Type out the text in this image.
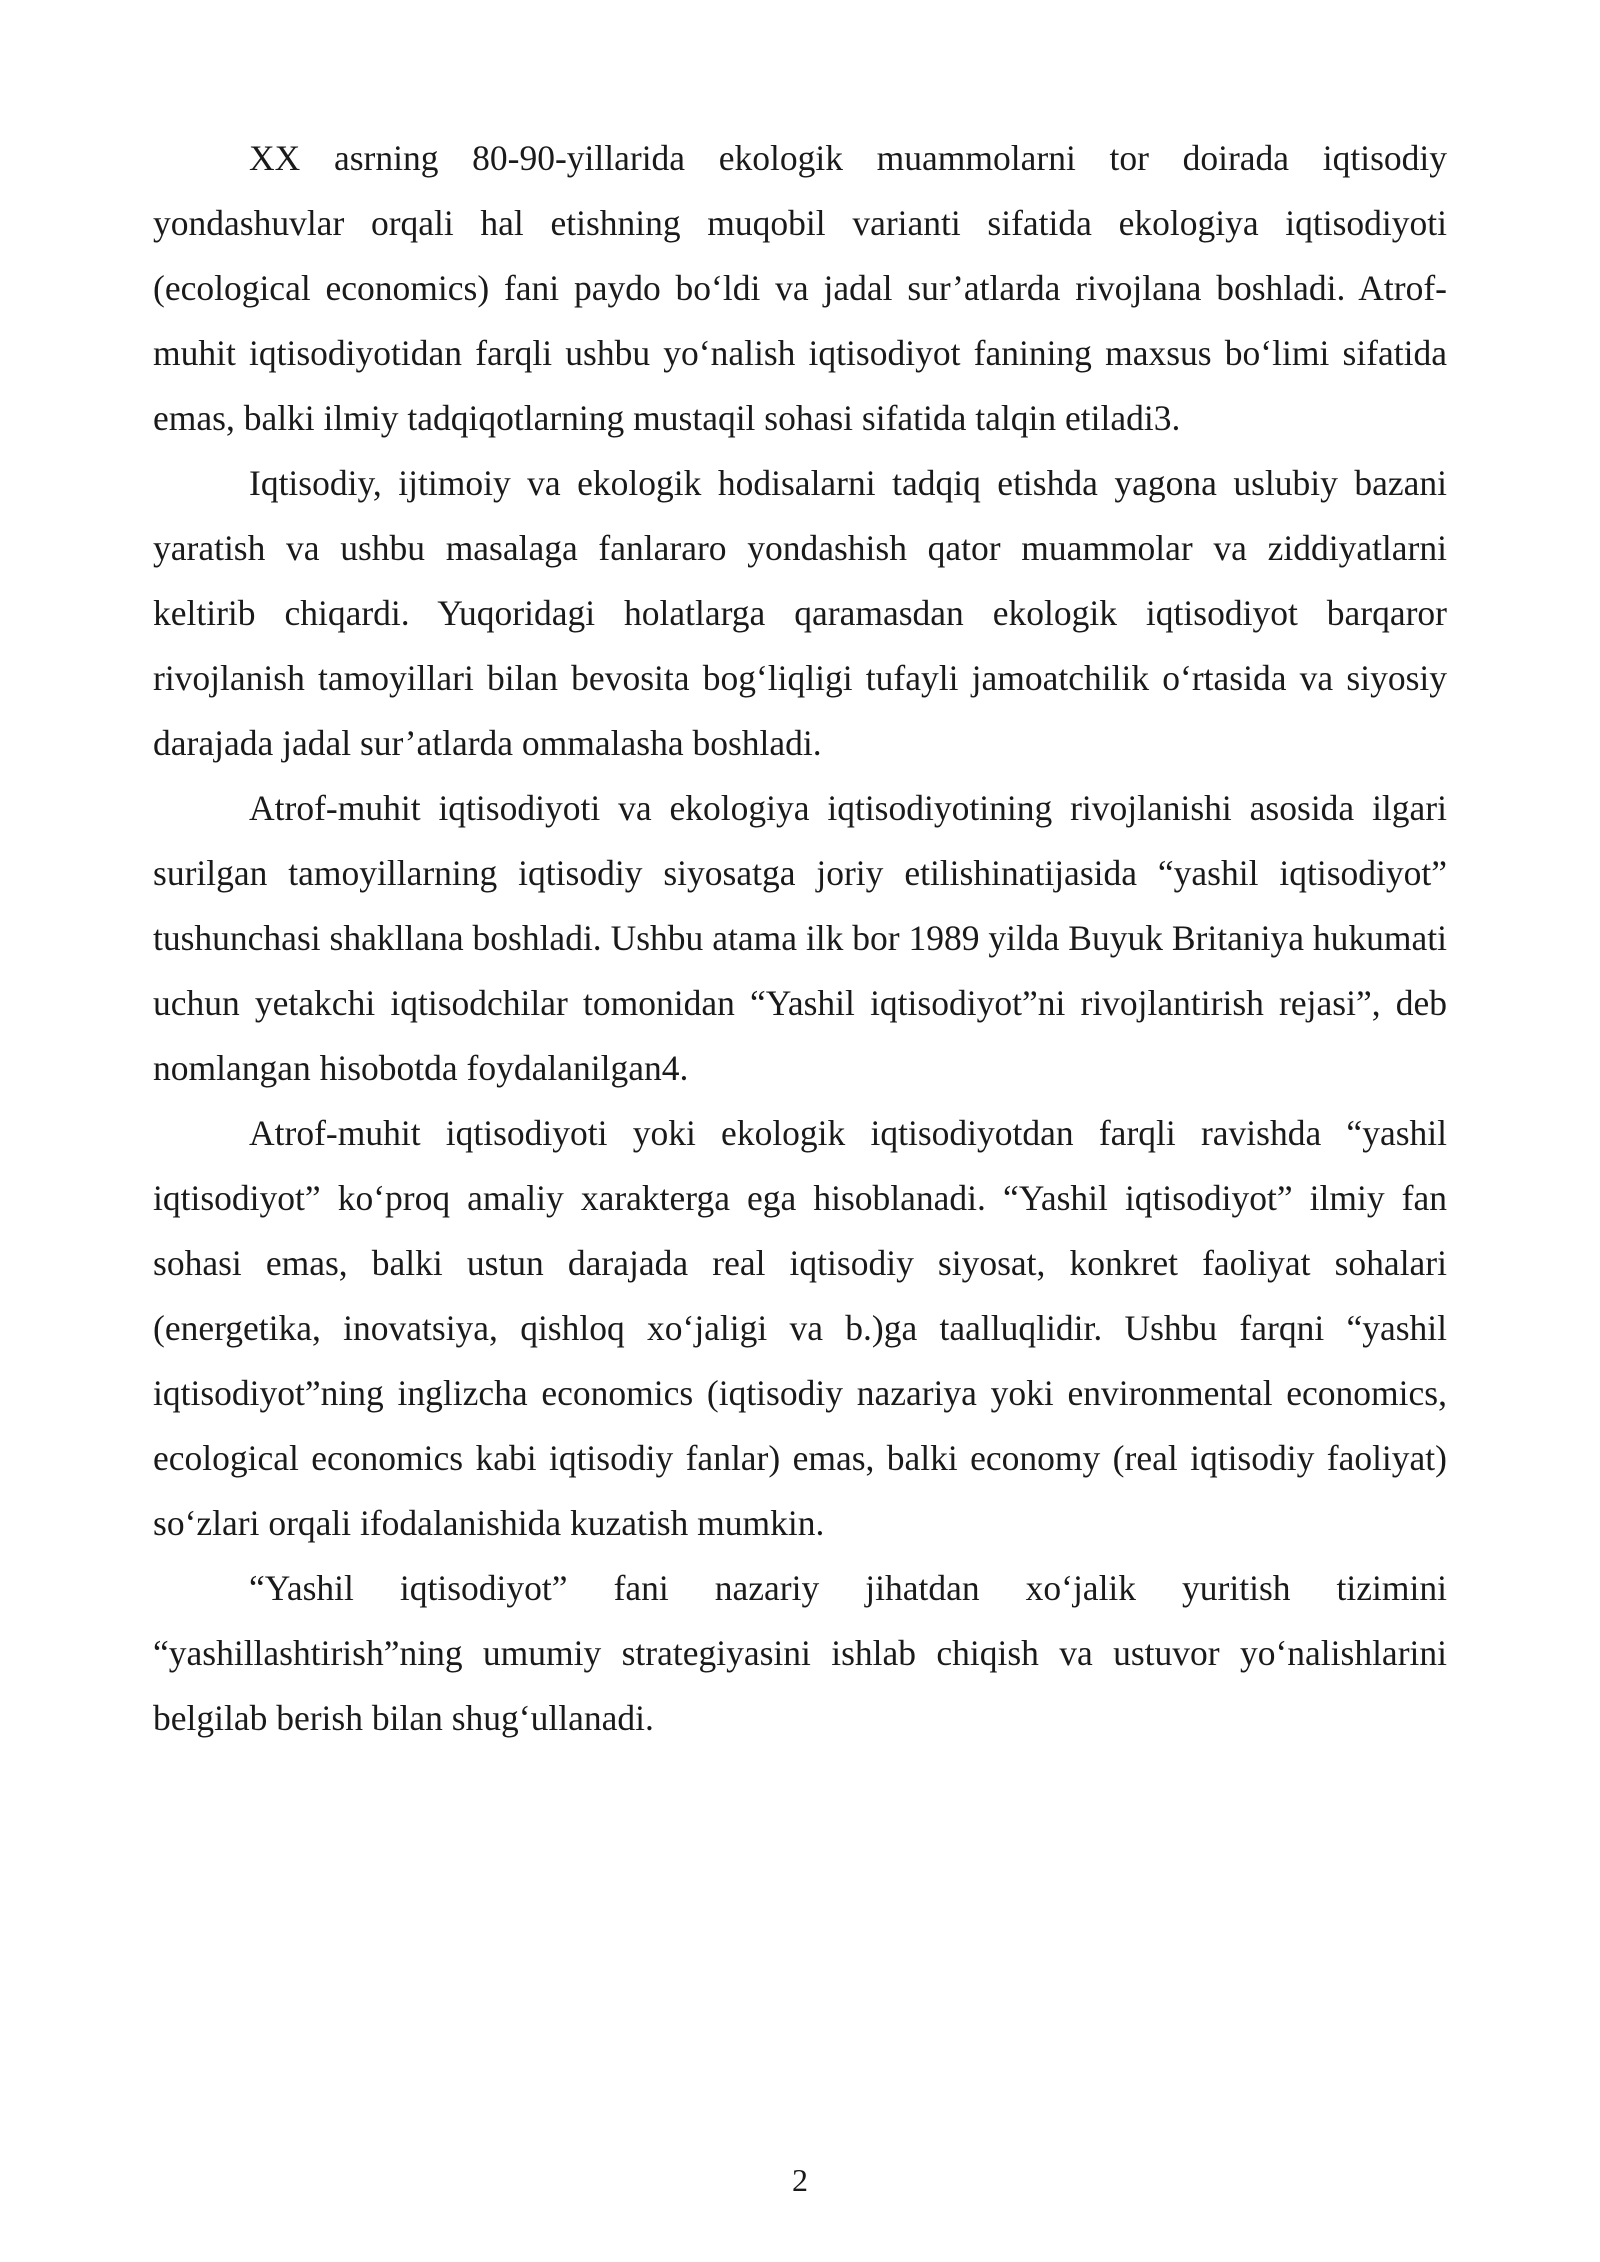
XX asrning 80-90-yillarida ekologik muammolarni tor doirada iqtisodiy yondashuvlar orqali hal etishning muqobil varianti sifatida ekologiya iqtisodiyoti (ecological economics) fani paydo bo‘ldi va jadal sur’atlarda rivojlana boshladi. Atrof-muhit iqtisodiyotidan farqli ushbu yo‘nalish iqtisodiyot fanining maxsus bo‘limi sifatida emas, balki ilmiy tadqiqotlarning mustaqil sohasi sifatida talqin etiladi3.

Iqtisodiy, ijtimoiy va ekologik hodisalarni tadqiq etishda yagona uslubiy bazani yaratish va ushbu masalaga fanlararo yondashish qator muammolar va ziddiyatlarni keltirib chiqardi. Yuqoridagi holatlarga qaramasdan ekologik iqtisodiyot barqaror rivojlanish tamoyillari bilan bevosita bog‘liqligi tufayli jamoatchilik o‘rtasida va siyosiy darajada jadal sur’atlarda ommalasha boshladi.

Atrof-muhit iqtisodiyoti va ekologiya iqtisodiyotining rivojlanishi asosida ilgari surilgan tamoyillarning iqtisodiy siyosatga joriy etilishinatijasida “yashil iqtisodiyot” tushunchasi shakllana boshladi. Ushbu atama ilk bor 1989 yilda Buyuk Britaniya hukumati uchun yetakchi iqtisodchilar tomonidan “Yashil iqtisodiyot”ni rivojlantirish rejasi”, deb nomlangan hisobotda foydalanilgan4.

Atrof-muhit iqtisodiyoti yoki ekologik iqtisodiyotdan farqli ravishda “yashil iqtisodiyot” ko‘proq amaliy xarakterga ega hisoblanadi. “Yashil iqtisodiyot” ilmiy fan sohasi emas, balki ustun darajada real iqtisodiy siyosat, konkret faoliyat sohalari (energetika, inovatsiya, qishloq xo‘jaligi va b.)ga taalluqlidir. Ushbu farqni “yashil iqtisodiyot”ning inglizcha economics (iqtisodiy nazariya yoki environmental economics, ecological economics kabi iqtisodiy fanlar) emas, balki economy (real iqtisodiy faoliyat) so‘zlari orqali ifodalanishida kuzatish mumkin.

“Yashil iqtisodiyot” fani nazariy jihatdan xo‘jalik yuritish tizimini “yashillashtirish”ning umumiy strategiyasini ishlab chiqish va ustuvor yo‘nalishlarini belgilab berish bilan shug‘ullanadi.

2
